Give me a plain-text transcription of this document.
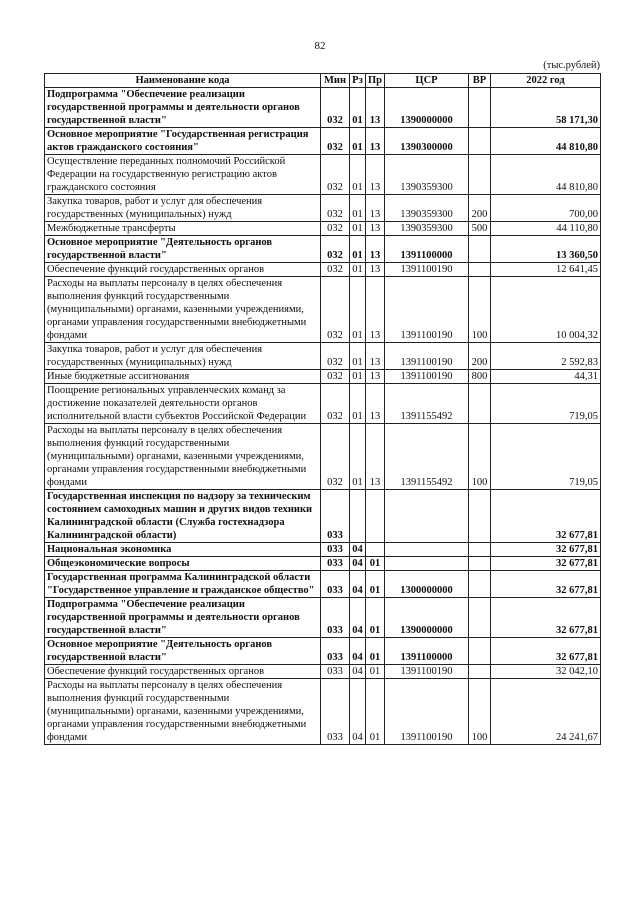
82
(тыс.рублей)
Наименование кода	Мин	Рз	Пр	ЦСР	ВР	2022 год
Подпрограмма "Обеспечение реализации государственной программы и деятельности органов государственной власти"	032	01	13	1390000000		58 171,30
Основное мероприятие "Государственная регистрация актов гражданского состояния"	032	01	13	1390300000		44 810,80
Осуществление переданных полномочий Российской Федерации на государственную регистрацию актов гражданского состояния	032	01	13	1390359300		44 810,80
Закупка товаров, работ и услуг для обеспечения государственных (муниципальных) нужд	032	01	13	1390359300	200	700,00
Межбюджетные трансферты	032	01	13	1390359300	500	44 110,80
Основное мероприятие "Деятельность органов государственной власти"	032	01	13	1391100000		13 360,50
Обеспечение функций государственных органов	032	01	13	1391100190		12 641,45
Расходы на выплаты персоналу в целях обеспечения выполнения функций государственными (муниципальными) органами, казенными учреждениями, органами управления государственными внебюджетными фондами	032	01	13	1391100190	100	10 004,32
Закупка товаров, работ и услуг для обеспечения государственных (муниципальных) нужд	032	01	13	1391100190	200	2 592,83
Иные бюджетные ассигнования	032	01	13	1391100190	800	44,31
Поощрение региональных управленческих команд за достижение показателей деятельности органов исполнительной власти субъектов Российской Федерации	032	01	13	1391155492		719,05
Расходы на выплаты персоналу в целях обеспечения выполнения функций государственными (муниципальными) органами, казенными учреждениями, органами управления государственными внебюджетными фондами	032	01	13	1391155492	100	719,05
Государственная инспекция по надзору за техническим состоянием самоходных машин и других видов техники Калининградской области (Служба гостехнадзора Калининградской области)	033					32 677,81
Национальная экономика	033	04				32 677,81
Общеэкономические вопросы	033	04	01			32 677,81
Государственная программа Калининградской области "Государственное управление и гражданское общество"	033	04	01	1300000000		32 677,81
Подпрограмма "Обеспечение реализации государственной программы и деятельности органов государственной власти"	033	04	01	1390000000		32 677,81
Основное мероприятие "Деятельность органов государственной власти"	033	04	01	1391100000		32 677,81
Обеспечение функций государственных органов	033	04	01	1391100190		32 042,10
Расходы на выплаты персоналу в целях обеспечения выполнения функций государственными (муниципальными) органами, казенными учреждениями, органами управления государственными внебюджетными фондами	033	04	01	1391100190	100	24 241,67
